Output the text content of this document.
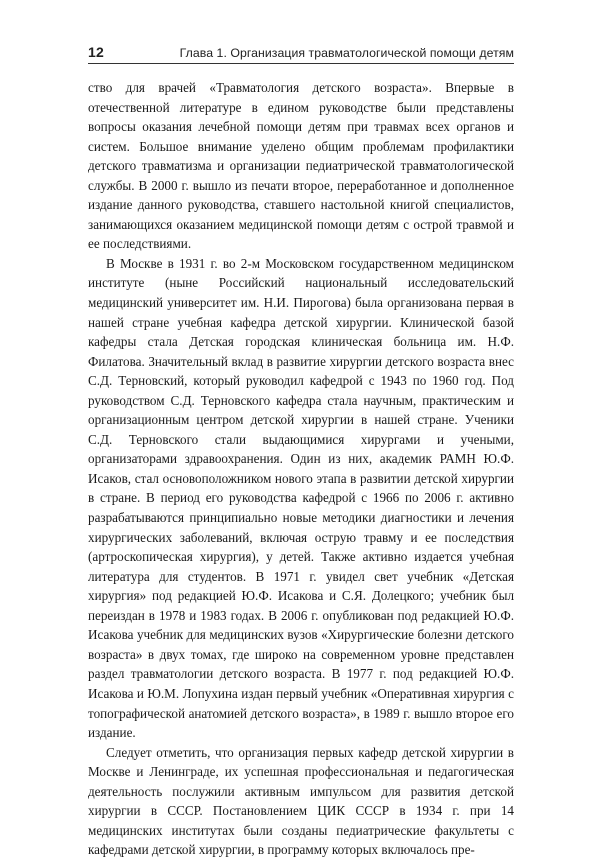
12	Глава 1. Организация травматологической помощи детям

ство для врачей «Травматология детского возраста». Впервые в отечественной литературе в едином руководстве были представлены вопросы оказания лечебной помощи детям при травмах всех органов и систем. Большое внимание уделено общим проблемам профилактики детского травматизма и организации педиатрической травматологической службы. В 2000 г. вышло из печати второе, переработанное и дополненное издание данного руководства, ставшего настольной книгой специалистов, занимающихся оказанием медицинской помощи детям с острой травмой и ее последствиями.

В Москве в 1931 г. во 2-м Московском государственном медицинском институте (ныне Российский национальный исследовательский медицинский университет им. Н.И. Пирогова) была организована первая в нашей стране учебная кафедра детской хирургии. Клинической базой кафедры стала Детская городская клиническая больница им. Н.Ф. Филатова. Значительный вклад в развитие хирургии детского возраста внес С.Д. Терновский, который руководил кафедрой с 1943 по 1960 год. Под руководством С.Д. Терновского кафедра стала научным, практическим и организационным центром детской хирургии в нашей стране. Ученики С.Д. Терновского стали выдающимися хирургами и учеными, организаторами здравоохранения. Один из них, академик РАМН Ю.Ф. Исаков, стал основоположником нового этапа в развитии детской хирургии в стране. В период его руководства кафедрой с 1966 по 2006 г. активно разрабатываются принципиально новые методики диагностики и лечения хирургических заболеваний, включая острую травму и ее последствия (артроскопическая хирургия), у детей. Также активно издается учебная литература для студентов. В 1971 г. увидел свет учебник «Детская хирургия» под редакцией Ю.Ф. Исакова и С.Я. Долецкого; учебник был переиздан в 1978 и 1983 годах. В 2006 г. опубликован под редакцией Ю.Ф. Исакова учебник для медицинских вузов «Хирургические болезни детского возраста» в двух томах, где широко на современном уровне представлен раздел травматологии детского возраста. В 1977 г. под редакцией Ю.Ф. Исакова и Ю.М. Лопухина издан первый учебник «Оперативная хирургия с топографической анатомией детского возраста», в 1989 г. вышло второе его издание.

Следует отметить, что организация первых кафедр детской хирургии в Москве и Ленинграде, их успешная профессиональная и педагогическая деятельность послужили активным импульсом для развития детской хирургии в СССР. Постановлением ЦИК СССР в 1934 г. при 14 медицинских институтах были созданы педиатрические факультеты с кафедрами детской хирургии, в программу которых включалось пре-
